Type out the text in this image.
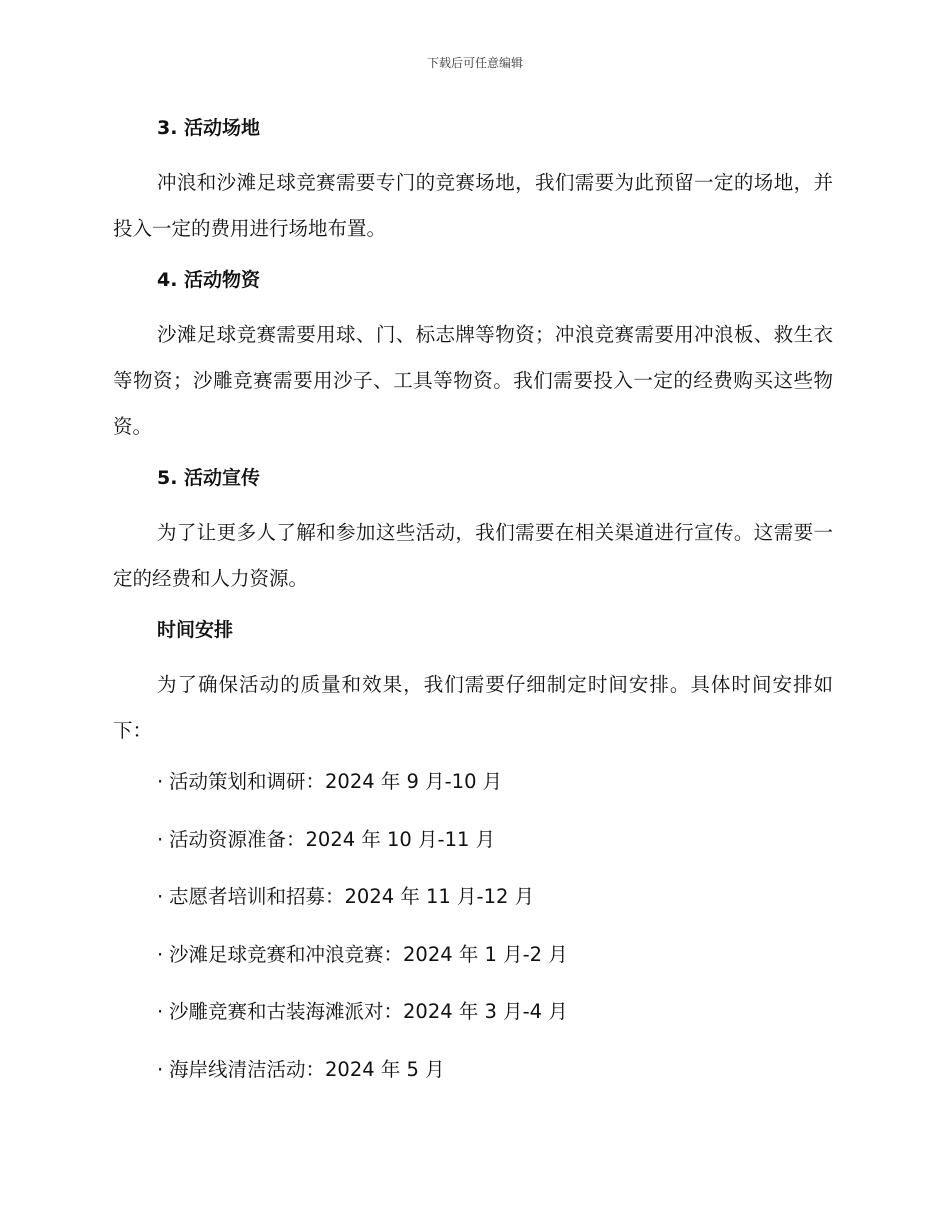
下载后可任意编辑
3. 活动场地

冲浪和沙滩足球竞赛需要专门的竞赛场地，我们需要为此预留一定的场地，并投入一定的费用进行场地布置。

4. 活动物资

沙滩足球竞赛需要用球、门、标志牌等物资；冲浪竞赛需要用冲浪板、救生衣等物资；沙雕竞赛需要用沙子、工具等物资。我们需要投入一定的经费购买这些物资。

5. 活动宣传

为了让更多人了解和参加这些活动，我们需要在相关渠道进行宣传。这需要一定的经费和人力资源。

时间安排

为了确保活动的质量和效果，我们需要仔细制定时间安排。具体时间安排如下：

· 活动策划和调研：2024 年 9 月-10 月
· 活动资源准备：2024 年 10 月-11 月
· 志愿者培训和招募：2024 年 11 月-12 月
· 沙滩足球竞赛和冲浪竞赛：2024 年 1 月-2 月
· 沙雕竞赛和古装海滩派对：2024 年 3 月-4 月
· 海岸线清洁活动：2024 年 5 月
